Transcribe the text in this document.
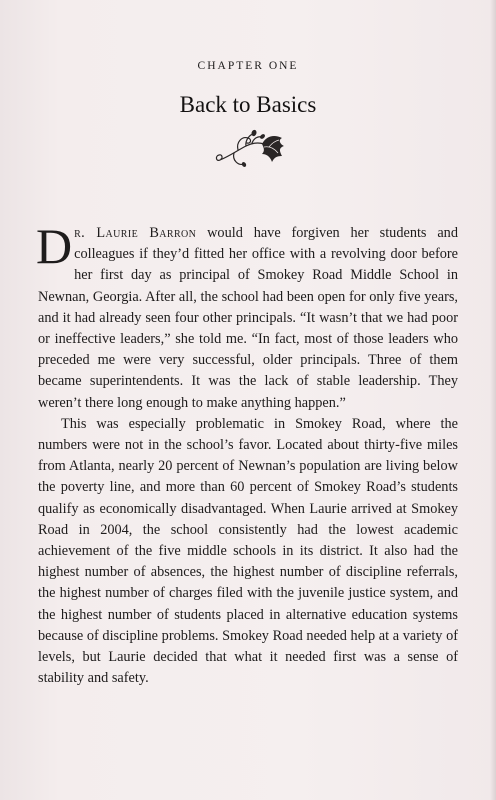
CHAPTER ONE
Back to Basics

Dr. Laurie Barron would have forgiven her students and colleagues if they’d fitted her office with a revolving door before her first day as principal of Smokey Road Middle School in Newnan, Georgia. After all, the school had been open for only five years, and it had already seen four other principals. “It wasn’t that we had poor or ineffective leaders,” she told me. “In fact, most of those leaders who preceded me were very successful, older principals. Three of them became superintendents. It was the lack of stable leadership. They weren’t there long enough to make anything happen.”

This was especially problematic in Smokey Road, where the numbers were not in the school’s favor. Located about thirty-five miles from Atlanta, nearly 20 percent of Newnan’s population are living below the poverty line, and more than 60 percent of Smokey Road’s students qualify as economically disadvantaged. When Laurie arrived at Smokey Road in 2004, the school consistently had the lowest academic achievement of the five middle schools in its district. It also had the highest number of absences, the highest number of discipline referrals, the highest number of charges filed with the juvenile justice system, and the highest number of students placed in alternative education systems because of discipline problems. Smokey Road needed help at a variety of levels, but Laurie decided that what it needed first was a sense of stability and safety.
